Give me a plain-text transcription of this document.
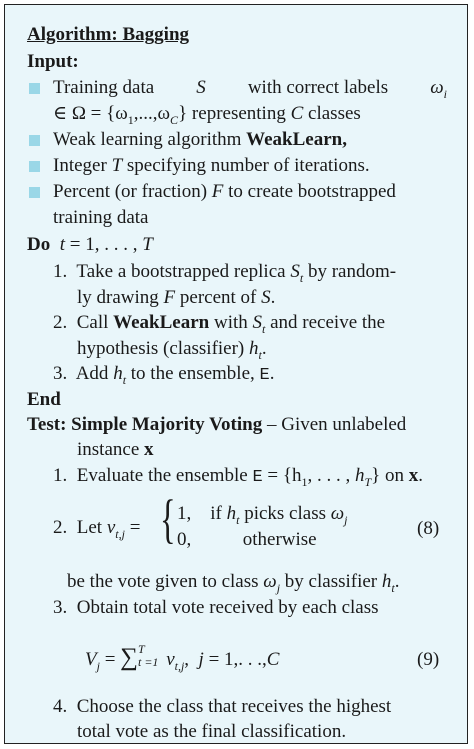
Algorithm: Bagging
Input:
Training data S with correct labels $\omega_i$
∈ $\Omega = \{\omega_1,...,\omega_C\}$ representing C classes
Weak learning algorithm WeakLearn,
Integer T specifying number of iterations.
Percent (or fraction) F to create bootstrapped
training data
Do t = 1, . . . , T
1. Take a bootstrapped replica $S_t$ by random-
ly drawing F percent of S.
2. Call WeakLearn with $S_t$ and receive the
hypothesis (classifier) $h_t$.
3. Add $h_t$ to the ensemble, E.
End
Test: Simple Majority Voting – Given unlabeled
instance x
1. Evaluate the ensemble $E = \{h_1$, . . . , $h_T$} on x.
2. Let $v_{t,j}$ = { 1, if $h_t$ picks class $\omega_j$
0,	otherwise
(8)
be the vote given to class $\omega_j$ by classifier $h_t$.
3. Obtain total vote received by each class
$V_j$ = ∑ T
t =1 $v_{t,j}$, j = 1,. . .,C	(9)
4. Choose the class that receives the highest
total vote as the final classification.
